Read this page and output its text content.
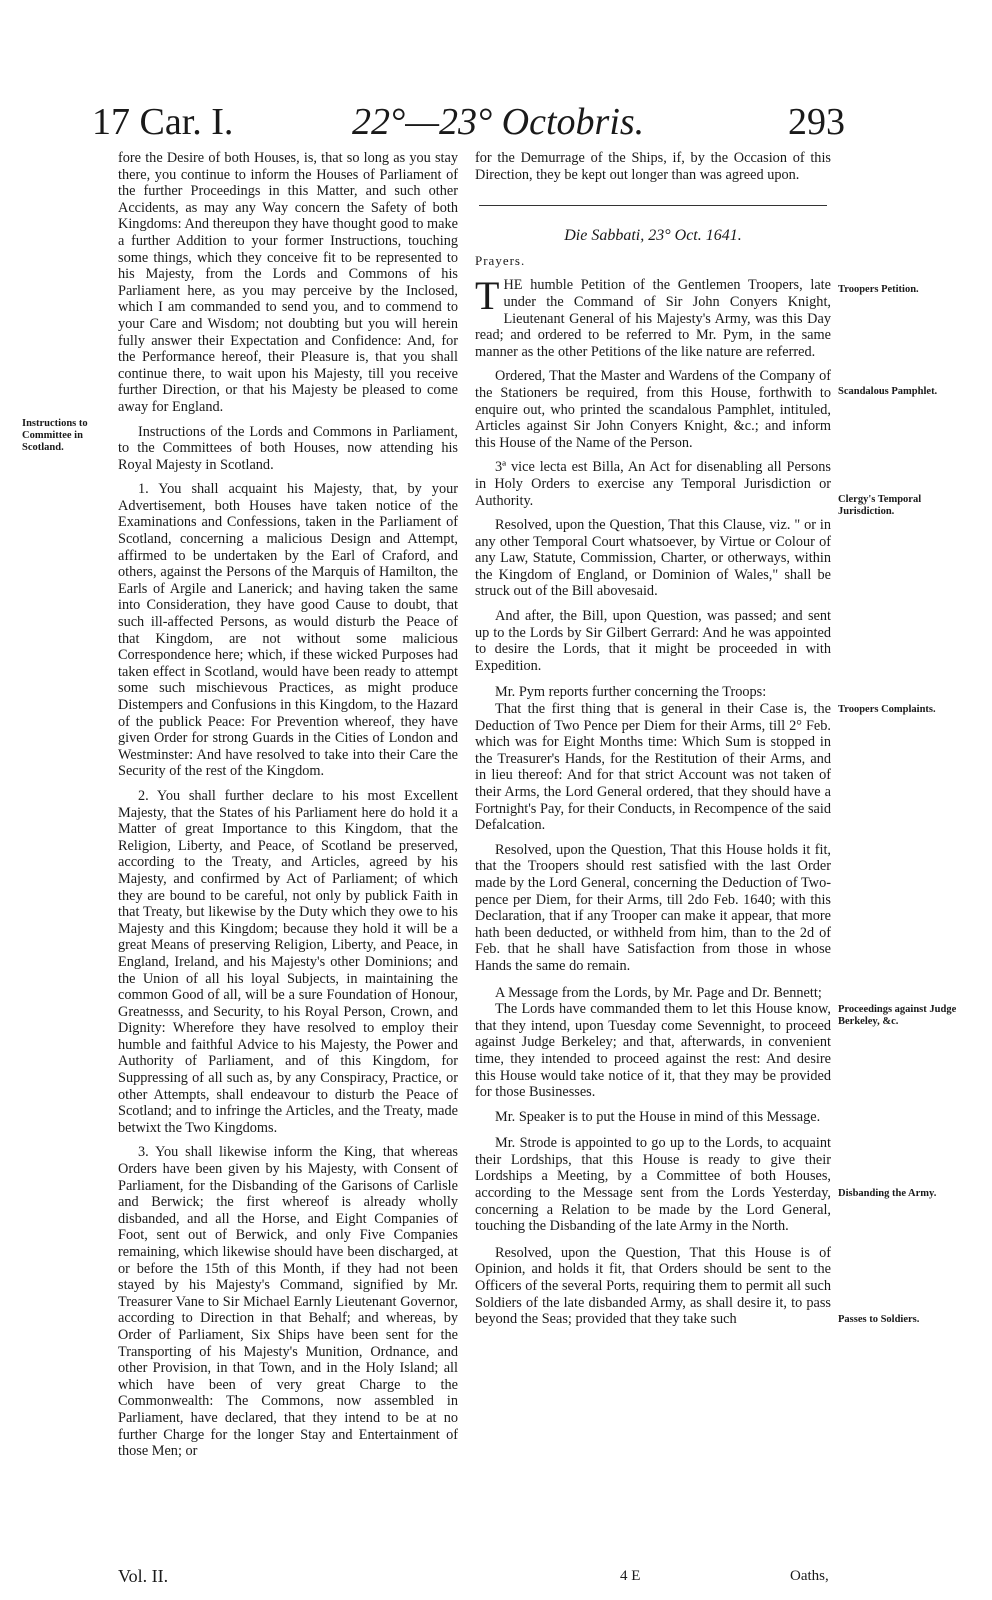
17 Car. I.	22°—23° Octobris.	293

fore the Desire of both Houses, is, that so long as you stay there, you continue to inform the Houses of Parliament of the further Proceedings in this Matter, and such other Accidents, as may any Way concern the Safety of both Kingdoms: And thereupon they have thought good to make a further Addition to your former Instructions, touching some things, which they conceive fit to be represented to his Majesty, from the Lords and Commons of his Parliament here, as you may perceive by the Inclosed, which I am commanded to send you, and to commend to your Care and Wisdom; not doubting but you will herein fully answer their Expectation and Confidence: And, for the Performance hereof, their Pleasure is, that you shall continue there, to wait upon his Majesty, till you receive further Direction, or that his Majesty be pleased to come away for England.

Instructions of the Lords and Commons in Parliament, to the Committees of both Houses, now attending his Royal Majesty in Scotland.

1. You shall acquaint his Majesty, that, by your Advertisement, both Houses have taken notice of the Examinations and Confessions, taken in the Parliament of Scotland, concerning a malicious Design and Attempt, affirmed to be undertaken by the Earl of Craford, and others, against the Persons of the Marquis of Hamilton, the Earls of Argile and Lanerick; and having taken the same into Consideration, they have good Cause to doubt, that such ill-affected Persons, as would disturb the Peace of that Kingdom, are not without some malicious Correspondence here; which, if these wicked Purposes had taken effect in Scotland, would have been ready to attempt some such mischievous Practices, as might produce Distempers and Confusions in this Kingdom, to the Hazard of the publick Peace: For Prevention whereof, they have given Order for strong Guards in the Cities of London and Westminster: And have resolved to take into their Care the Security of the rest of the Kingdom.

2. You shall further declare to his most Excellent Majesty, that the States of his Parliament here do hold it a Matter of great Importance to this Kingdom, that the Religion, Liberty, and Peace, of Scotland be preserved, according to the Treaty, and Articles, agreed by his Majesty, and confirmed by Act of Parliament; of which they are bound to be careful, not only by publick Faith in that Treaty, but likewise by the Duty which they owe to his Majesty and this Kingdom; because they hold it will be a great Means of preserving Religion, Liberty, and Peace, in England, Ireland, and his Majesty's other Dominions; and the Union of all his loyal Subjects, in maintaining the common Good of all, will be a sure Foundation of Honour, Greatnesss, and Security, to his Royal Person, Crown, and Dignity: Wherefore they have resolved to employ their humble and faithful Advice to his Majesty, the Power and Authority of Parliament, and of this Kingdom, for Suppressing of all such as, by any Conspiracy, Practice, or other Attempts, shall endeavour to disturb the Peace of Scotland; and to infringe the Articles, and the Treaty, made betwixt the Two Kingdoms.

3. You shall likewise inform the King, that whereas Orders have been given by his Majesty, with Consent of Parliament, for the Disbanding of the Garisons of Carlisle and Berwick; the first whereof is already wholly disbanded, and all the Horse, and Eight Companies of Foot, sent out of Berwick, and only Five Companies remaining, which likewise should have been discharged, at or before the 15th of this Month, if they had not been stayed by his Majesty's Command, signified by Mr. Treasurer Vane to Sir Michael Earnly Lieutenant Governor, according to Direction in that Behalf; and whereas, by Order of Parliament, Six Ships have been sent for the Transporting of his Majesty's Munition, Ordnance, and other Provision, in that Town, and in the Holy Island; all which have been of very great Charge to the Commonwealth: The Commons, now assembled in Parliament, have declared, that they intend to be at no further Charge for the longer Stay and Entertainment of those Men; or

for the Demurrage of the Ships, if, by the Occasion of this Direction, they be kept out longer than was agreed upon.

Die Sabbati, 23° Oct. 1641.

Prayers.

THE humble Petition of the Gentlemen Troopers, late under the Command of Sir John Conyers Knight, Lieutenant General of his Majesty's Army, was this Day read; and ordered to be referred to Mr. Pym, in the same manner as the other Petitions of the like nature are referred.

Ordered, That the Master and Wardens of the Company of the Stationers be required, from this House, forthwith to enquire out, who printed the scandalous Pamphlet, intituled, Articles against Sir John Conyers Knight, &c.; and inform this House of the Name of the Person.

3ª vice lecta est Billa, An Act for disenabling all Persons in Holy Orders to exercise any Temporal Jurisdiction or Authority.

Resolved, upon the Question, That this Clause, viz. " or in any other Temporal Court whatsoever, by Virtue or Colour of any Law, Statute, Commission, Charter, or otherways, within the Kingdom of England, or Dominion of Wales," shall be struck out of the Bill abovesaid.

And after, the Bill, upon Question, was passed; and sent up to the Lords by Sir Gilbert Gerrard: And he was appointed to desire the Lords, that it might be proceeded in with Expedition.

Mr. Pym reports further concerning the Troops:

That the first thing that is general in their Case is, the Deduction of Two Pence per Diem for their Arms, till 2° Feb. which was for Eight Months time: Which Sum is stopped in the Treasurer's Hands, for the Restitution of their Arms, and in lieu thereof: And for that strict Account was not taken of their Arms, the Lord General ordered, that they should have a Fortnight's Pay, for their Conducts, in Recompence of the said Defalcation.

Resolved, upon the Question, That this House holds it fit, that the Troopers should rest satisfied with the last Order made by the Lord General, concerning the Deduction of Two-pence per Diem, for their Arms, till 2do Feb. 1640; with this Declaration, that if any Trooper can make it appear, that more hath been deducted, or withheld from him, than to the 2d of Feb. that he shall have Satisfaction from those in whose Hands the same do remain.

A Message from the Lords, by Mr. Page and Dr. Bennett;

The Lords have commanded them to let this House know, that they intend, upon Tuesday come Sevennight, to proceed against Judge Berkeley; and that, afterwards, in convenient time, they intended to proceed against the rest: And desire this House would take notice of it, that they may be provided for those Businesses.

Mr. Speaker is to put the House in mind of this Message.

Mr. Strode is appointed to go up to the Lords, to acquaint their Lordships, that this House is ready to give their Lordships a Meeting, by a Committee of both Houses, according to the Message sent from the Lords Yesterday, concerning a Relation to be made by the Lord General, touching the Disbanding of the late Army in the North.

Resolved, upon the Question, That this House is of Opinion, and holds it fit, that Orders should be sent to the Officers of the several Ports, requiring them to permit all such Soldiers of the late disbanded Army, as shall desire it, to pass beyond the Seas; provided that they take such

Instructions to Committee in Scotland.
Troopers Petition.
Scandalous Pamphlet.
Clergy's Temporal Jurisdiction.
Troopers Complaints.
Proceedings against Judge Berkeley, &c.
Disbanding the Army.
Passes to Soldiers.
Vol. II.	4 E	Oaths,
